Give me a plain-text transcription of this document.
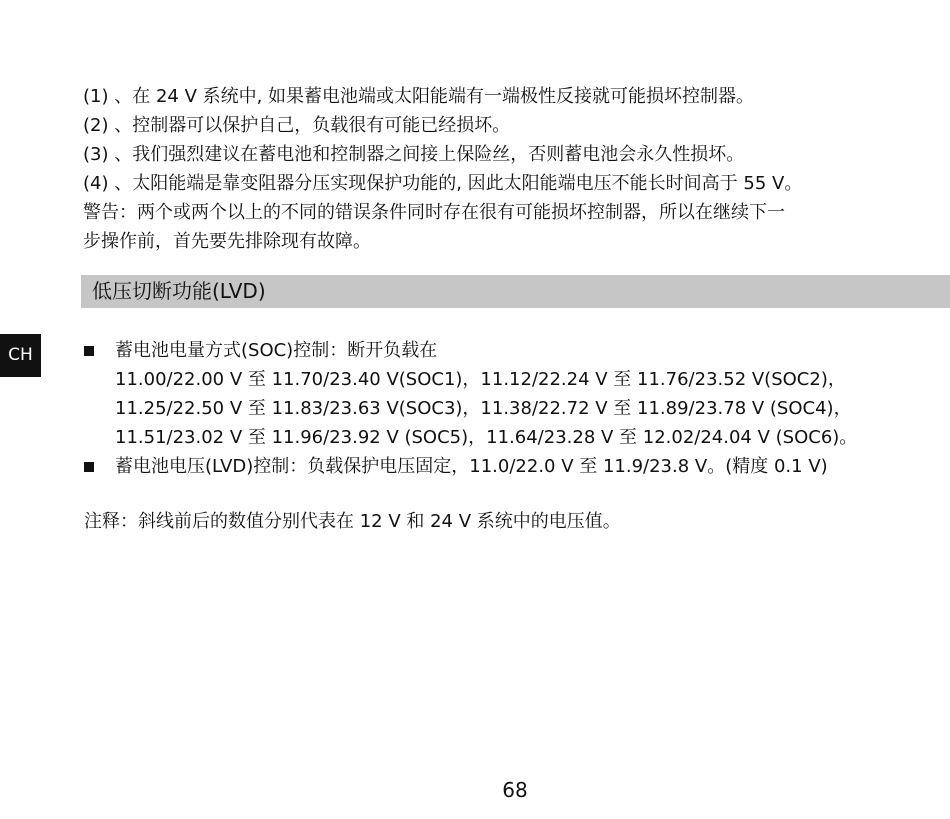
CH
(1) 、在 24 V 系统中, 如果蓄电池端或太阳能端有一端极性反接就可能损坏控制器。
(2) 、控制器可以保护自己，负载很有可能已经损坏。
(3) 、我们强烈建议在蓄电池和控制器之间接上保险丝，否则蓄电池会永久性损坏。
(4) 、太阳能端是靠变阻器分压实现保护功能的, 因此太阳能端电压不能长时间高于 55 V。
警告：两个或两个以上的不同的错误条件同时存在很有可能损坏控制器，所以在继续下一
步操作前，首先要先排除现有故障。
低压切断功能(LVD)
蓄电池电量方式(SOC)控制：断开负载在
11.00/22.00 V 至 11.70/23.40 V(SOC1)，11.12/22.24 V 至 11.76/23.52 V(SOC2)，
11.25/22.50 V 至 11.83/23.63 V(SOC3)，11.38/22.72 V 至 11.89/23.78 V (SOC4)，
11.51/23.02 V 至 11.96/23.92 V (SOC5)，11.64/23.28 V 至 12.02/24.04 V (SOC6)。
蓄电池电压(LVD)控制：负载保护电压固定，11.0/22.0 V 至 11.9/23.8 V。(精度 0.1 V)
注释：斜线前后的数值分别代表在 12 V 和 24 V 系统中的电压值。
68
